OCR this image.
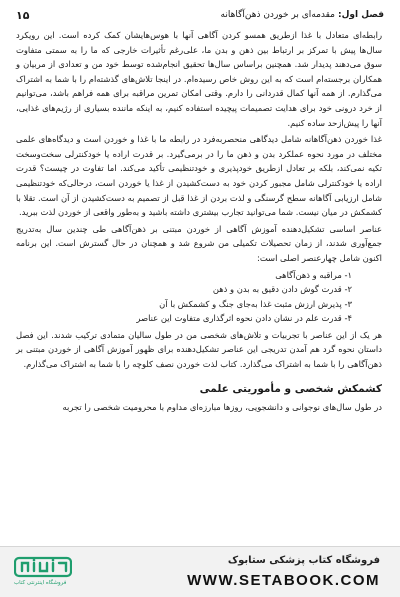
فصل اول:
مقدمه‌ای بر خوردن ذهن‌آگاهانه
۱۵

رابطه‌ای متعادل با غذا ازطریق همسو کردن آگاهی آنها با هوس‌هایشان کمک کرده است. این رویکرد سال‌ها پیش با تمرکز بر ارتباط بین ذهن و بدن ما، علی‌رغم تأثیرات خارجی که ما را به سمتی متفاوت سوق می‌دهند پدیدار شد. همچنین براساس سال‌ها تحقیق انجام‌شده توسط خود من و تعدادی از مربیان و همکاران برجسته‌ام است که به این روش خاص رسیده‌ام. در اینجا تلاش‌های گذشته‌ام را با شما به اشتراک می‌گذارم. از همه آنها کمال قدردانی را دارم. وقتی امکان تمرین مراقبه برای همه فراهم باشد، می‌توانیم از خرد درونی خود برای هدایت تصمیمات پیچیده استفاده کنیم، به اینکه ماننده بسیاری از رژیم‌های غذایی، آنها را پیش‌ازحد ساده کنیم.

غذا خوردن ذهن‌آگاهانه شامل دیدگاهی منحصربه‌فرد در رابطه ما با غذا و خوردن است و دیدگاه‌های علمی مختلف در مورد نحوه عملکرد بدن و ذهن ما را در برمی‌گیرد. بر قدرت اراده یا خودکنترلی سخت‌وسخت تکیه نمی‌کند، بلکه بر تعادل ازطریق خودپذیری و خودتنظیمی تأکید می‌کند. اما تفاوت در چیست؟ قدرت اراده یا خودکنترلی شامل مجبور کردن خود به دست‌کشیدن از غذا یا خوردن است، درحالی‌که خودتنظیمی شامل ارزیابی آگاهانه سطح گرسنگی و لذت بردن از غذا قبل از تصمیم به دست‌کشیدن از آن است. تقلا با کشمکش در میان نیست. شما می‌توانید تجارب بیشتری داشته باشید و به‌طور واقعی از خوردن لذت ببرید.

عناصر اساسی تشکیل‌دهنده آموزش آگاهی از خوردن مبتنی بر ذهن‌آگاهی طی چندین سال به‌تدریج جمع‌آوری شدند، از زمان تحصیلات تکمیلی من شروع شد و همچنان در حال گسترش است. این برنامه اکنون شامل چهارعنصر اصلی است:

۱- مراقبه و ذهن‌آگاهی
۲- قدرت گوش دادن دقیق به بدن و ذهن
۳- پذیرش ارزش مثبت غذا به‌جای جنگ و کشمکش با آن
۴- قدرت علم در نشان دادن نحوه اثرگذاری متفاوت این عناصر

هر یک از این عناصر با تجربیات و تلاش‌های شخصی من در طول سالیان متمادی ترکیب شدند. این فصل داستان نحوه گرد هم آمدن تدریجی این عناصر تشکیل‌دهنده برای ظهور آموزش آگاهی از خوردن مبتنی بر ذهن‌آگاهی را با شما به اشتراک می‌گذارد. کتاب لذت خوردن نصف کلوچه را با شما به اشتراک می‌گذارم.

کشمکش شخصی و مأموریتی علمی

در طول سال‌های نوجوانی و دانشجویی، روزها مبارزه‌ای مداوم با محرومیت شخصی را تجربه

فروشگاه کتاب پزشکی ستابوک
WWW.SETABOOK.COM
فروشگاه اینترنتی کتاب
